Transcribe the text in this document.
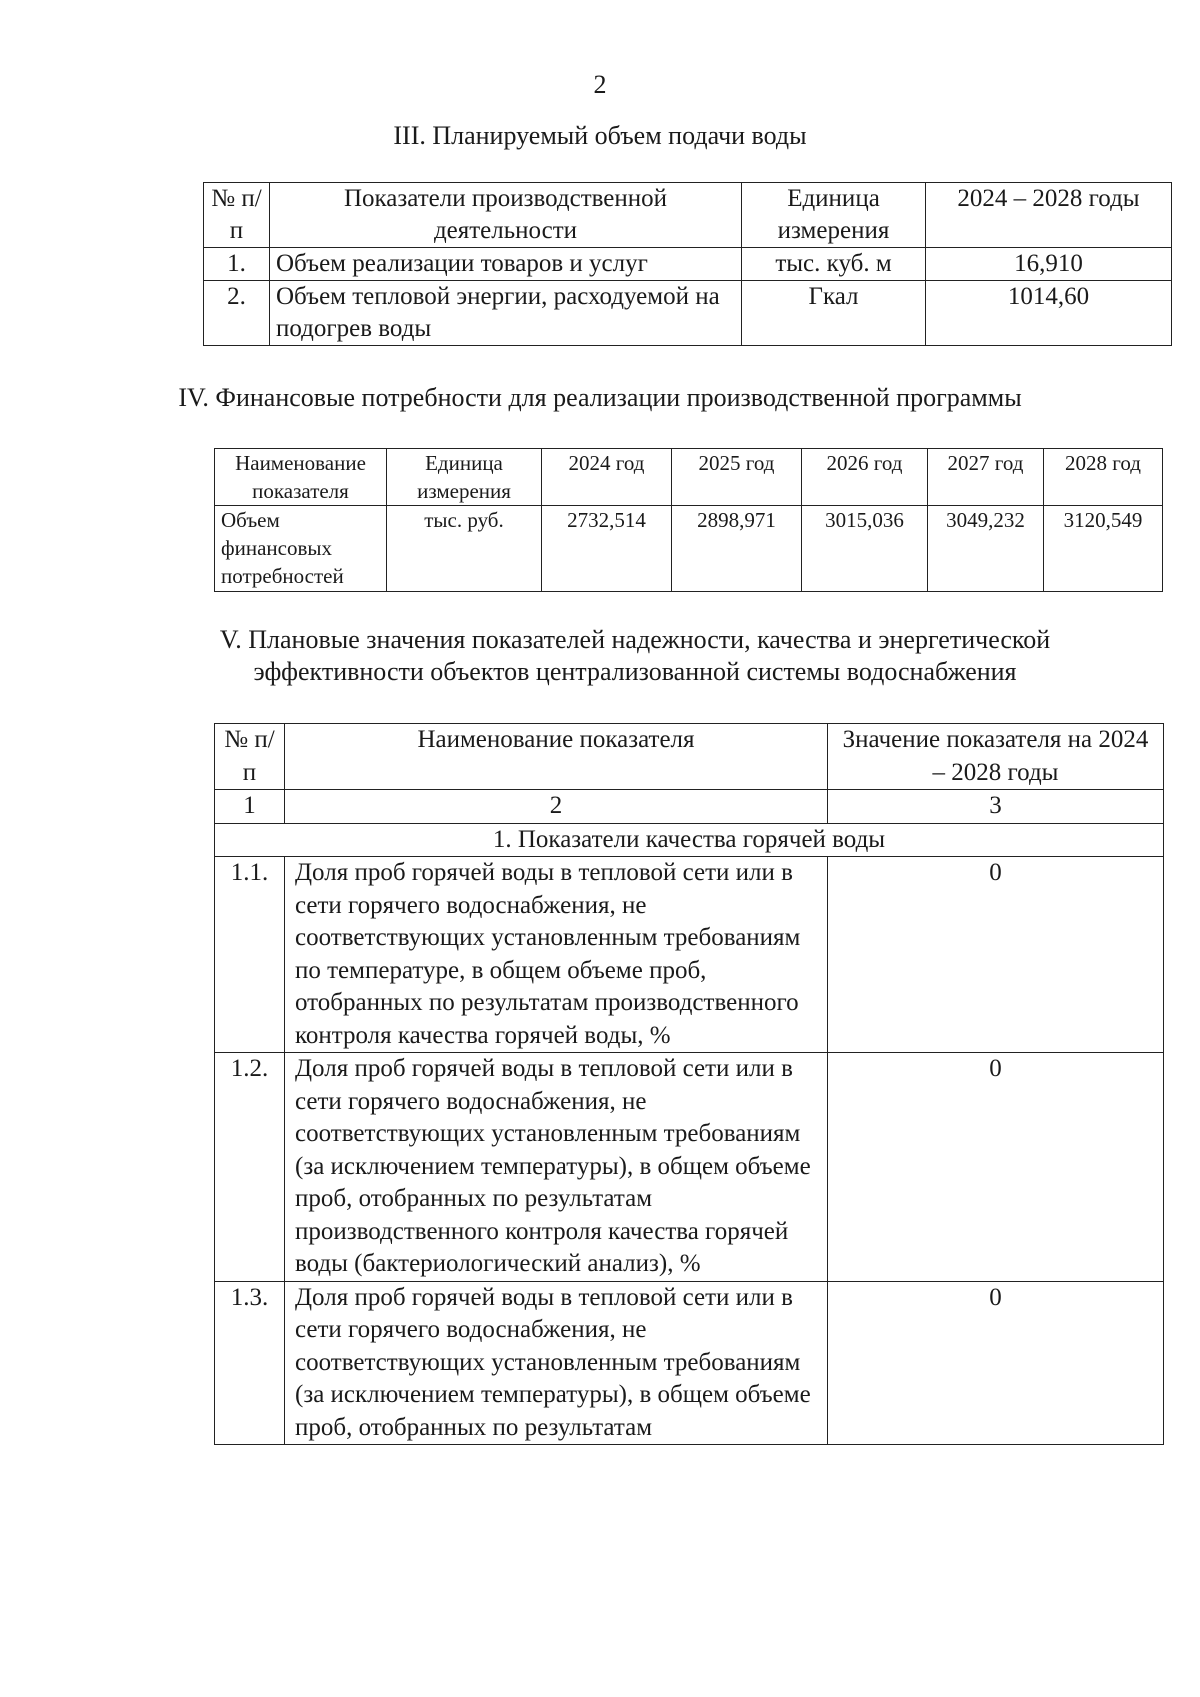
2
III. Планируемый объем подачи воды
№ п/п	Показатели производственной деятельности	Единица измерения	2024 – 2028 годы
1.	Объем реализации товаров и услуг	тыс. куб. м	16,910
2.	Объем тепловой энергии, расходуемой на подогрев воды	Гкал	1014,60
IV. Финансовые потребности для реализации производственной программы
Наименование показателя	Единица измерения	2024 год	2025 год	2026 год	2027 год	2028 год
Объем финансовых потребностей	тыс. руб.	2732,514	2898,971	3015,036	3049,232	3120,549
V. Плановые значения показателей надежности, качества и энергетической
эффективности объектов централизованной системы водоснабжения
№ п/п	Наименование показателя	Значение показателя на 2024 – 2028 годы
1	2	3
1. Показатели качества горячей воды		
1.1.	Доля проб горячей воды в тепловой сети или в сети горячего водоснабжения, не соответствующих установленным требованиям по температуре, в общем объеме проб, отобранных по результатам производственного контроля качества горячей воды, %	0
1.2.	Доля проб горячей воды в тепловой сети или в сети горячего водоснабжения, не соответствующих установленным требованиям (за исключением температуры), в общем объеме проб, отобранных по результатам производственного контроля качества горячей воды (бактериологический анализ), %	0
1.3.	Доля проб горячей воды в тепловой сети или в сети горячего водоснабжения, не соответствующих установленным требованиям (за исключением температуры), в общем объеме проб, отобранных по результатам	0
